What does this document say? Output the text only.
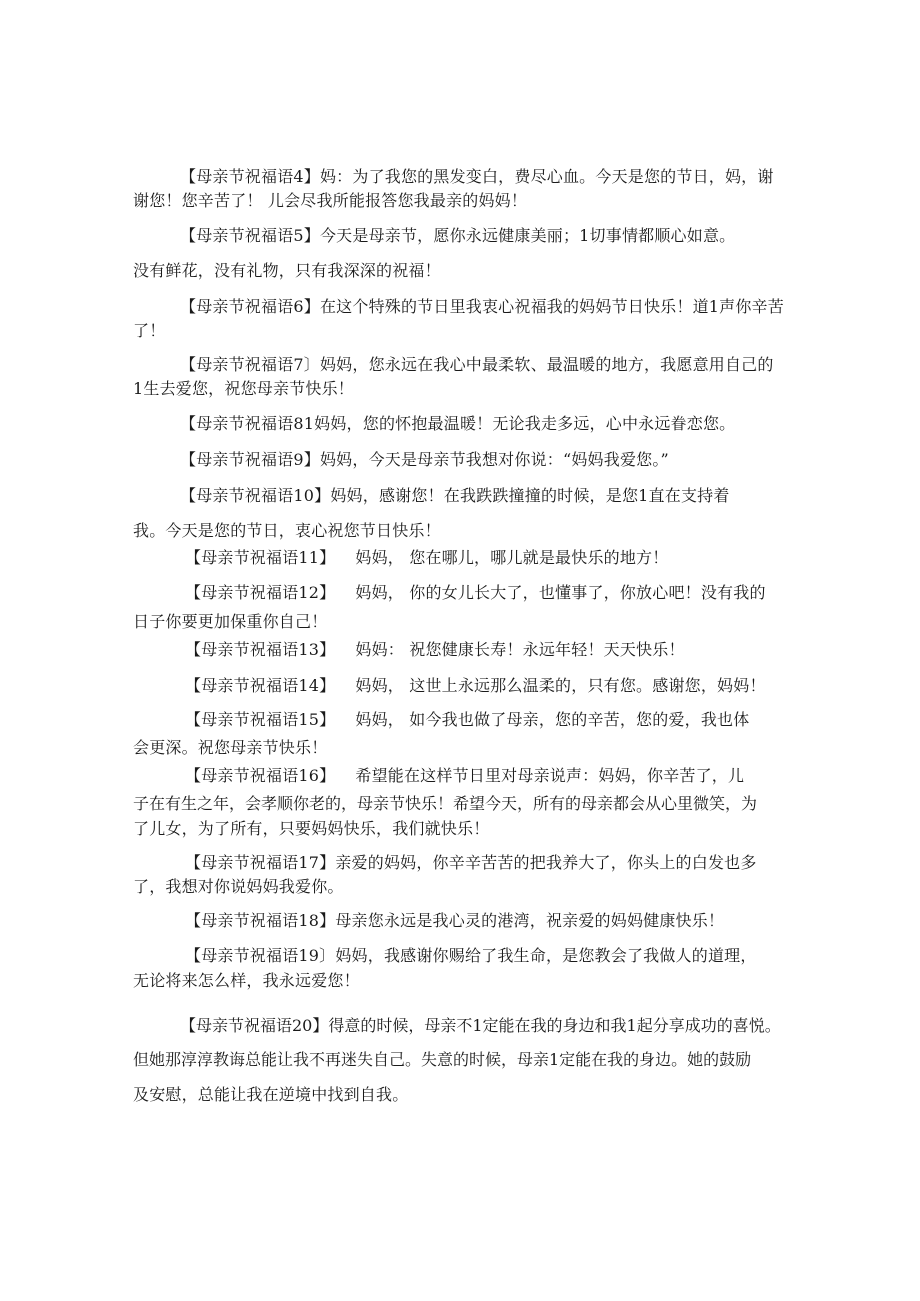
【母亲节祝福语4】妈：为了我您的黑发变白，费尽心血。今天是您的节日，妈，谢
谢您！您辛苦了！ 儿会尽我所能报答您我最亲的妈妈！
【母亲节祝福语5】今天是母亲节，愿你永远健康美丽；1切事情都顺心如意。
没有鲜花，没有礼物，只有我深深的祝福！
【母亲节祝福语6】在这个特殊的节日里我衷心祝福我的妈妈节日快乐！道1声你辛苦
了！
【母亲节祝福语7〕妈妈，您永远在我心中最柔软、最温暖的地方，我愿意用自己的
1生去爱您，祝您母亲节快乐！
【母亲节祝福语81妈妈，您的怀抱最温暖！无论我走多远，心中永远眷恋您。
【母亲节祝福语9】妈妈，今天是母亲节我想对你说：“妈妈我爱您。”
【母亲节祝福语10】妈妈，感谢您！在我跌跌撞撞的时候，是您1直在支持着
我。今天是您的节日，衷心祝您节日快乐！
【母亲节祝福语11】 妈妈， 您在哪儿，哪儿就是最快乐的地方！
【母亲节祝福语12】 妈妈， 你的女儿长大了，也懂事了，你放心吧！没有我的
日子你要更加保重你自己！
【母亲节祝福语13】 妈妈： 祝您健康长寿！永远年轻！天天快乐！
【母亲节祝福语14】 妈妈， 这世上永远那么温柔的，只有您。感谢您，妈妈！
【母亲节祝福语15】 妈妈， 如今我也做了母亲，您的辛苦，您的爱，我也体
会更深。祝您母亲节快乐！
【母亲节祝福语16】 希望能在这样节日里对母亲说声：妈妈，你辛苦了，儿
子在有生之年，会孝顺你老的，母亲节快乐！希望今天，所有的母亲都会从心里微笑，为
了儿女，为了所有，只要妈妈快乐，我们就快乐！
【母亲节祝福语17】亲爱的妈妈，你辛辛苦苦的把我养大了，你头上的白发也多
了，我想对你说妈妈我爱你。
【母亲节祝福语18】母亲您永远是我心灵的港湾，祝亲爱的妈妈健康快乐！
【母亲节祝福语19〕妈妈，我感谢你赐给了我生命，是您教会了我做人的道理，
无论将来怎么样，我永远爱您！
【母亲节祝福语20】得意的时候，母亲不1定能在我的身边和我1起分享成功的喜悦。
但她那淳淳教诲总能让我不再迷失自己。失意的时候，母亲1定能在我的身边。她的鼓励
及安慰，总能让我在逆境中找到自我。
